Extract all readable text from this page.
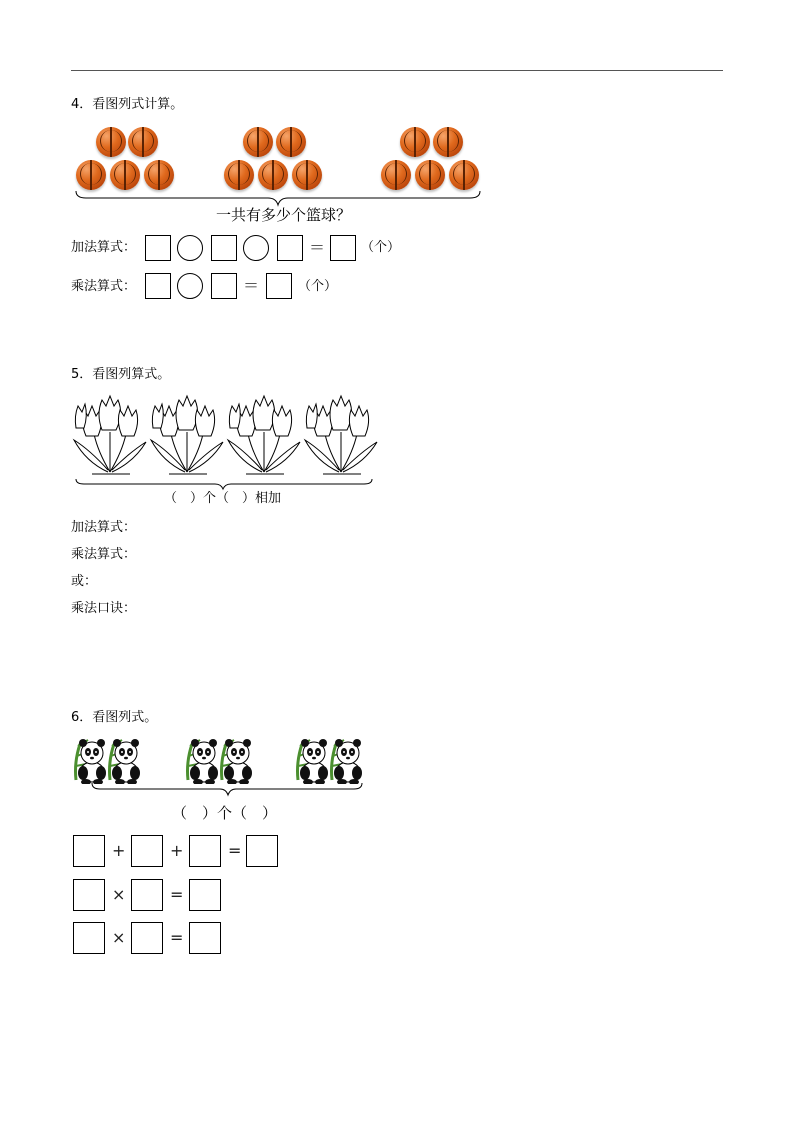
4．看图列式计算。
一共有多少个篮球？
加法算式：	＝	（个）
乘法算式：	＝	（个）
5．看图列算式。
（　）个（　）相加
加法算式：
乘法算式：
或：
乘法口诀：
6．看图列式。
（　）个（　）
+	+	=
×	=
×	=
